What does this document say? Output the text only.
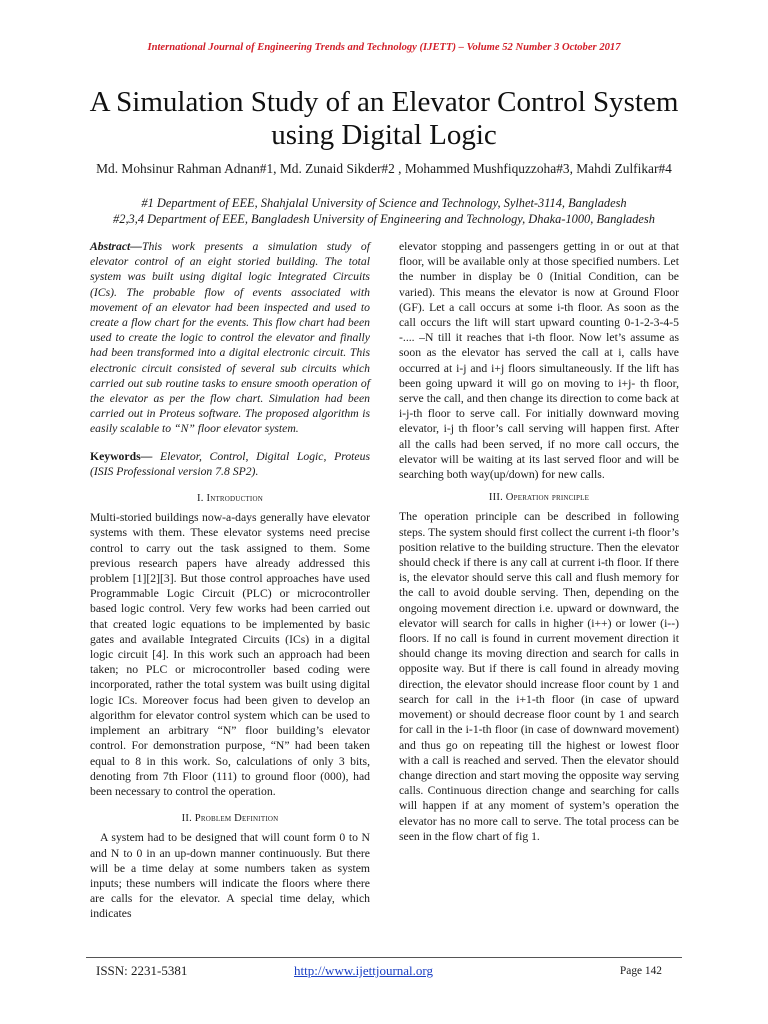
International Journal of Engineering Trends and Technology (IJETT) – Volume 52 Number 3 October 2017
A Simulation Study of an Elevator Control System using Digital Logic
Md. Mohsinur Rahman Adnan#1, Md. Zunaid Sikder#2 , Mohammed Mushfiquzzoha#3, Mahdi Zulfikar#4
#1 Department of EEE, Shahjalal University of Science and Technology, Sylhet-3114, Bangladesh
#2,3,4 Department of EEE, Bangladesh University of Engineering and Technology, Dhaka-1000, Bangladesh

Abstract—This work presents a simulation study of elevator control of an eight storied building. The total system was built using digital logic Integrated Circuits (ICs). The probable flow of events associated with movement of an elevator had been inspected and used to create a flow chart for the events. This flow chart had been used to create the logic to control the elevator and finally had been transformed into a digital electronic circuit. This electronic circuit consisted of several sub circuits which carried out sub routine tasks to ensure smooth operation of the elevator as per the flow chart. Simulation had been carried out in Proteus software. The proposed algorithm is easily scalable to “N” floor elevator system.

Keywords— Elevator, Control, Digital Logic, Proteus (ISIS Professional version 7.8 SP2).

I. Introduction

Multi-storied buildings now-a-days generally have elevator systems with them. These elevator systems need precise control to carry out the task assigned to them. Some previous research papers have already addressed this problem [1][2][3]. But those control approaches have used Programmable Logic Circuit (PLC) or microcontroller based logic control. Very few works had been carried out that created logic equations to be implemented by basic gates and available Integrated Circuits (ICs) in a digital logic circuit [4]. In this work such an approach had been taken; no PLC or microcontroller based coding were incorporated, rather the total system was built using digital logic ICs. Moreover focus had been given to develop an algorithm for elevator control system which can be used to implement an arbitrary “N” floor building’s elevator control. For demonstration purpose, “N” had been taken equal to 8 in this work. So, calculations of only 3 bits, denoting from 7th Floor (111) to ground floor (000), had been necessary to control the operation.

II. Problem Definition

A system had to be designed that will count form 0 to N and N to 0 in an up-down manner continuously. But there will be a time delay at some numbers taken as system inputs; these numbers will indicate the floors where there are calls for the elevator. A special time delay, which indicates

elevator stopping and passengers getting in or out at that floor, will be available only at those specified numbers. Let the number in display be 0 (Initial Condition, can be varied). This means the elevator is now at Ground Floor (GF). Let a call occurs at some i-th floor. As soon as the call occurs the lift will start upward counting 0-1-2-3-4-5 -.... –N till it reaches that i-th floor. Now let’s assume as soon as the elevator has served the call at i, calls have occurred at i-j and i+j floors simultaneously. If the lift has been going upward it will go on moving to i+j- th floor, serve the call, and then change its direction to come back at i-j-th floor to serve call. For initially downward moving elevator, i-j th floor’s call serving will happen first. After all the calls had been served, if no more call occurs, the elevator will be waiting at its last served floor and will be searching both way(up/down) for new calls.

III. Operation principle

The operation principle can be described in following steps. The system should first collect the current i-th floor’s position relative to the building structure. Then the elevator should check if there is any call at current i-th floor. If there is, the elevator should serve this call and flush memory for the call to avoid double serving. Then, depending on the ongoing movement direction i.e. upward or downward, the elevator will search for calls in higher (i++) or lower (i--) floors. If no call is found in current movement direction it should change its moving direction and search for calls in opposite way. But if there is call found in already moving direction, the elevator should increase floor count by 1 and search for call in the i+1-th floor (in case of upward movement) or should decrease floor count by 1 and search for call in the i-1-th floor (in case of downward movement) and thus go on repeating till the highest or lowest floor with a call is reached and served. Then the elevator should change direction and start moving the opposite way serving calls. Continuous direction change and searching for calls will happen if at any moment of system’s operation the elevator has no more call to serve. The total process can be seen in the flow chart of fig 1.

ISSN: 2231-5381	http://www.ijettjournal.org	Page 142
